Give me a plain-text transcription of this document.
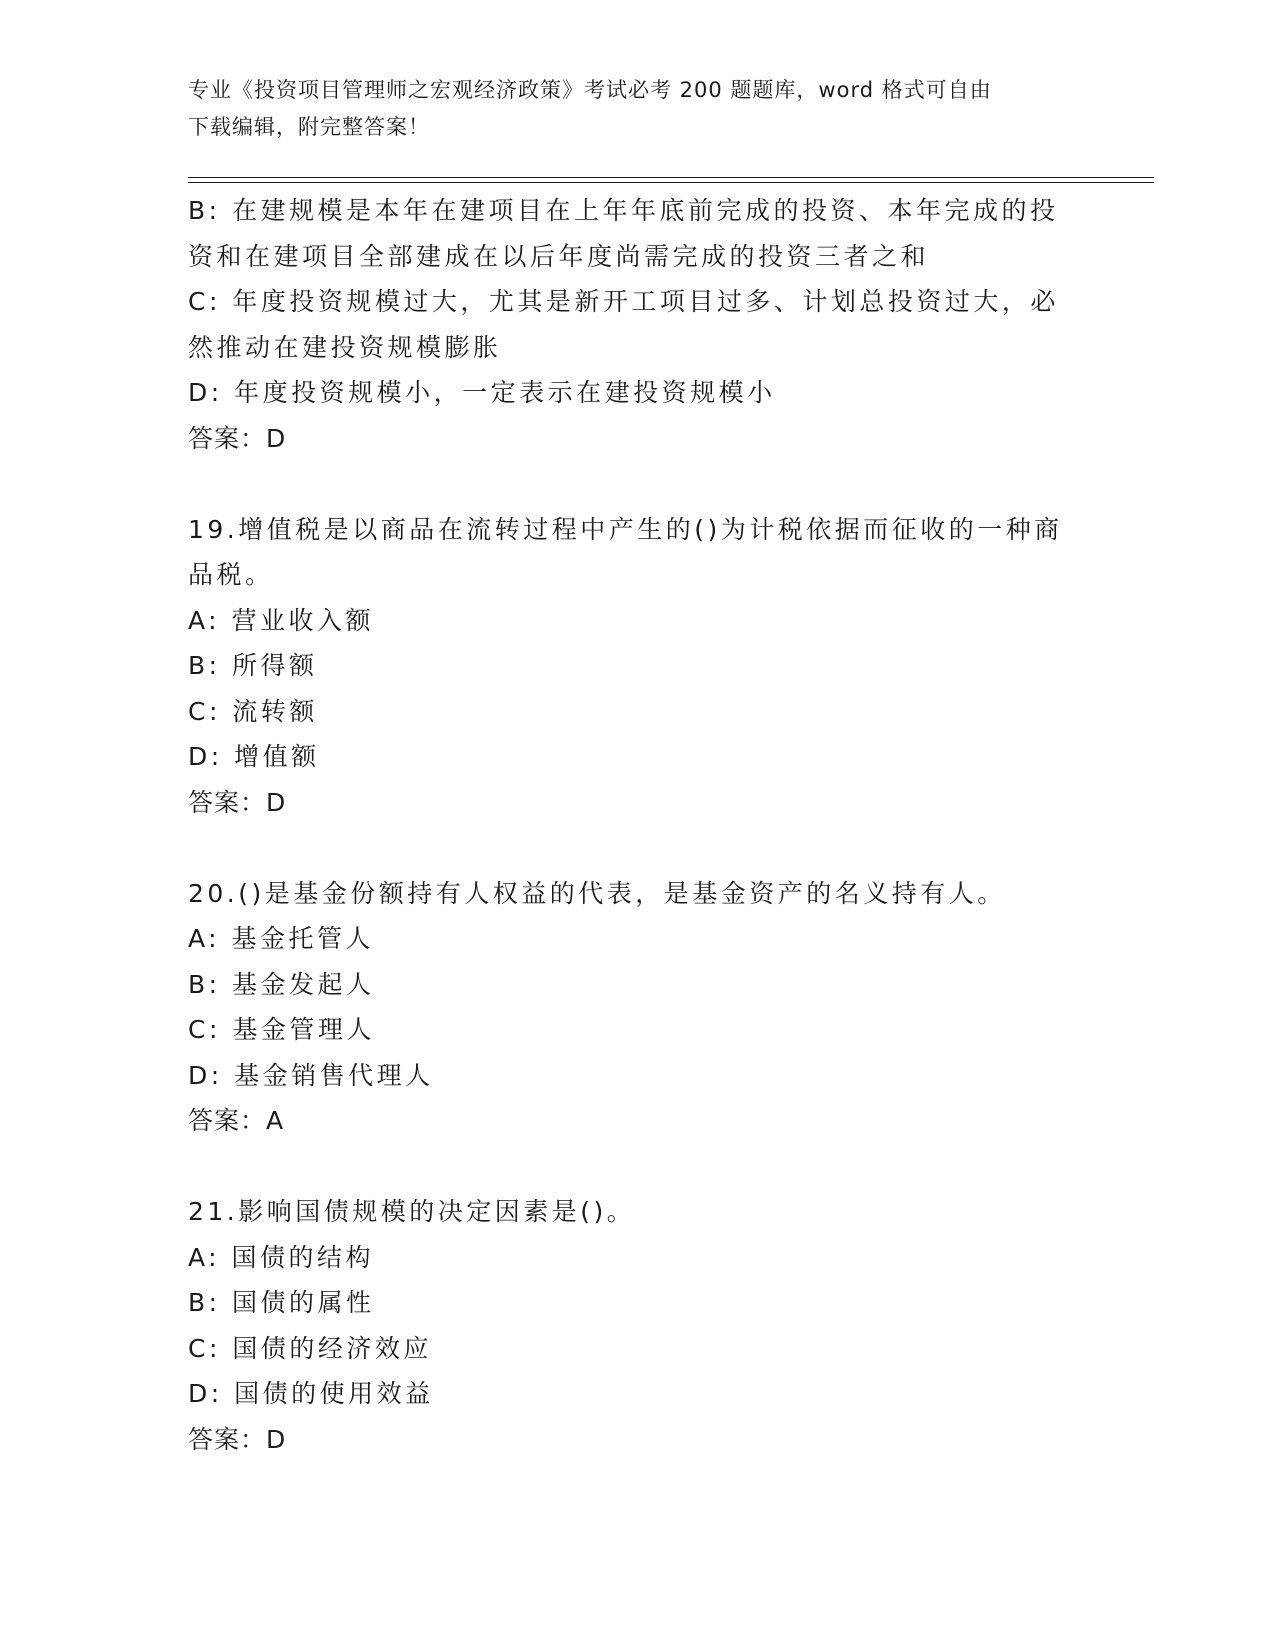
专业《投资项目管理师之宏观经济政策》考试必考 200 题题库，word 格式可自由
下载编辑，附完整答案！
B: 在建规模是本年在建项目在上年年底前完成的投资、本年完成的投
资和在建项目全部建成在以后年度尚需完成的投资三者之和
C: 年度投资规模过大，尤其是新开工项目过多、计划总投资过大，必
然推动在建投资规模膨胀
D: 年度投资规模小，一定表示在建投资规模小
答案：D
19.增值税是以商品在流转过程中产生的()为计税依据而征收的一种商
品税。
A: 营业收入额
B: 所得额
C: 流转额
D: 增值额
答案：D
20.()是基金份额持有人权益的代表，是基金资产的名义持有人。
A: 基金托管人
B: 基金发起人
C: 基金管理人
D: 基金销售代理人
答案：A
21.影响国债规模的决定因素是()。
A: 国债的结构
B: 国债的属性
C: 国债的经济效应
D: 国债的使用效益
答案：D
